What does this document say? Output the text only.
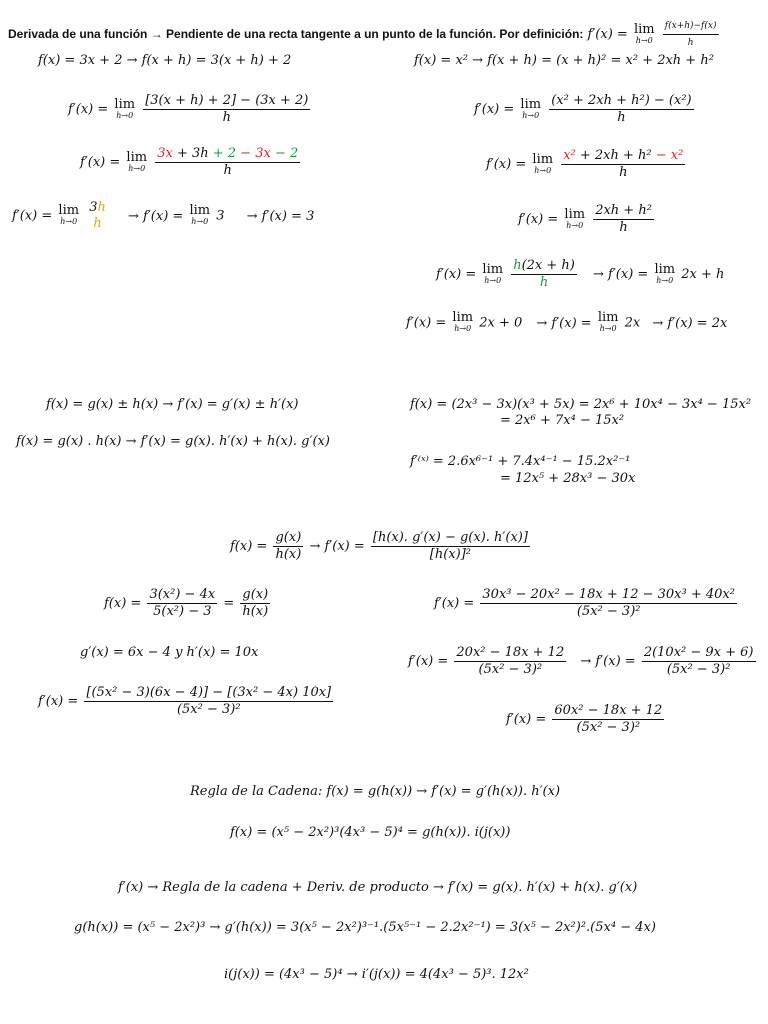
Derivada de una función → Pendiente de una recta tangente a un punto de la función. Por definición: f′(x) = lim
h→0
$\frac{f(x+h)-f(x)}{h}$
f(x) = 3x + 2 → f(x + h) = 3(x + h) + 2
f′(x) = lim
h→0
$\frac{[3(x + h) + 2] - (3x + 2)}{h}$
f′(x) = lim
h→0
$\frac{3x + 3h + 2 - 3x - 2}{h}$
f′(x) = lim
h→0

3h
h	→ f′(x) = lim
h→0 3 → f′(x) = 3
f(x) = x² → f(x + h) = (x + h)² = x² + 2xh + h²
f′(x) = lim
h→0
$\frac{\text{(x² + 2xh + h²) − (x²)}}{h}$
f′(x) = lim
h→0
$\frac{\text{x² + 2xh + h² − x²}}{h}$
f′(x) = lim
h→0
$\frac{\text{2xh + h²}}{h}$
f′(x) = lim
h→0
$\frac{h(2x + h)}{h} \to f'(x) = \lim$
h→0 2x + h
f′(x) = lim
h→0 2x + 0 → f′(x) = lim
h→0 2x → f′(x) = 2x
f(x) = g(x) ± h(x) → f′(x) = g′(x) ± h′(x)
f(x) = g(x) . h(x) → f′(x) = g(x). h′(x) + h(x). g′(x)
f(x) = (2x³ − 3x)(x³ + 5x) = 2x⁶ + 10x⁴ − 3x⁴ − 15x²
= 2x⁶ + 7x⁴ − 15x²
f′⁽ˣ⁾ = 2.6x⁶⁻¹ + 7.4x⁴⁻¹ − 15.2x²⁻¹
= 12x⁵ + 28x³ − 30x
$f(x) = \frac{g(x)}{h(x)} \to f'(x) = \frac{[h(x). g'(x) - g(x). h'(x)]}{\text{[h(x)]²}}$
$f(x) = \frac{\text{3(x²) − 4x}}{\text{5(x²) − 3}} = \frac{g(x)}{h(x)}$
g′(x) = 6x − 4 y h′(x) = 10x
$f'(x) = \frac{\text{[(5x² − 3)(6x − 4)] − [(3x² − 4x) 10x]}}{\text{(5x² − 3)²}}$
$f'(x) = \frac{\text{30x³ − 20x² − 18x + 12 − 30x³ + 40x²}}{\text{(5x² − 3)²}}$
$f'(x) = \frac{\text{20x² − 18x + 12}}{\text{(5x² − 3)²}} \to f'(x) = \frac{\text{2(10x² − 9x + 6)}}{\text{(5x² − 3)²}}$
$f'(x) = \frac{\text{60x² − 18x + 12}}{\text{(5x² − 3)²}}$
Regla de la Cadena: f(x) = g(h(x)) → f′(x) = g′(h(x)). h′(x)
f(x) = (x⁵ − 2x²)³(4x³ − 5)⁴ = g(h(x)). i(j(x))
f′(x) → Regla de la cadena + Deriv. de producto → f′(x) = g(x). h′(x) + h(x). g′(x)
g(h(x)) = (x⁵ − 2x²)³ → g′(h(x)) = 3(x⁵ − 2x²)³⁻¹.(5x⁵⁻¹ − 2.2x²⁻¹) = 3(x⁵ − 2x²)².(5x⁴ − 4x)
i(j(x)) = (4x³ − 5)⁴ → i′(j(x)) = 4(4x³ − 5)³. 12x²
